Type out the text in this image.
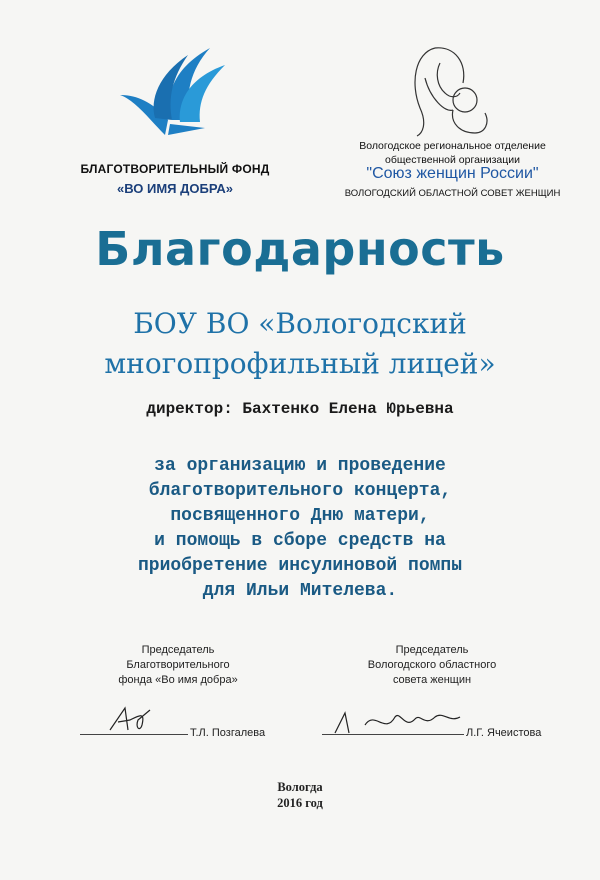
БЛАГОТВОРИТЕЛЬНЫЙ ФОНД
«ВО ИМЯ ДОБРА»
Вологодское региональное отделение
общественной организации
"Союз женщин России"
ВОЛОГОДСКИЙ ОБЛАСТНОЙ СОВЕТ ЖЕНЩИН
Благодарность
БОУ ВО «Вологодский
многопрофильный лицей»
директор: Бахтенко Елена Юрьевна
за организацию и проведение
благотворительного концерта,
посвященного Дню матери,
и помощь в сборе средств на
приобретение инсулиновой помпы
для Ильи Мителева.
Председатель
Благотворительного
фонда «Во имя добра»
Т.Л. Позгалева
Председатель
Вологодского областного
совета женщин
Л.Г. Ячеистова
Вологда
2016 год
